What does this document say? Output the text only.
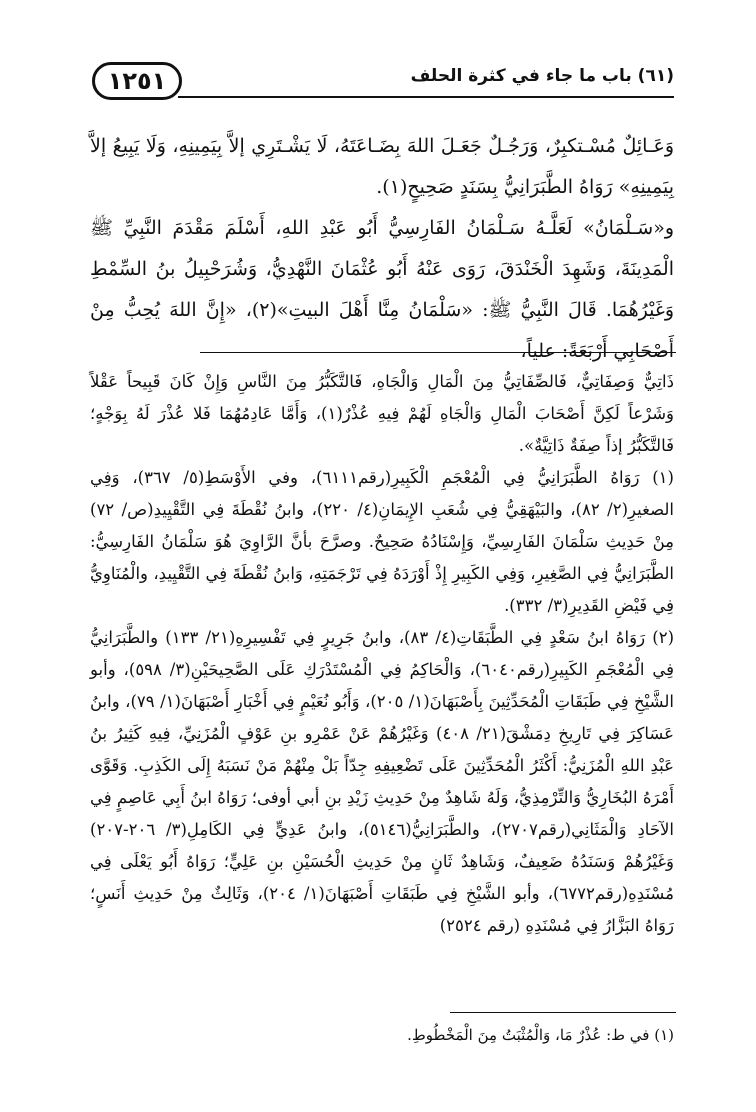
١٢٥١	(٦١) باب ما جاء في كثرة الحلف

وَعَـائِلٌ مُسْـتكبِرٌ، وَرَجُـلٌ جَعَـلَ اللهَ بِضَـاعَتَهُ، لَا يَشْـتَرِي إلاَّ بِيَمِينِهِ، وَلَا يَبِيعُ إلاَّ بِيَمِينِهِ» رَوَاهُ الطَّبَرَانِيُّ بِسَنَدٍ صَحِيحٍ(١).

و«سَـلْمَانُ» لَعَلَّـهُ سَـلْمَانُ الفَارِسِيُّ أَبُو عَبْدِ اللهِ، أَسْلَمَ مَقْدَمَ النَّبِيِّ ﷺ الْمَدِينَةَ، وَشَهِدَ الْخَنْدَقَ، رَوَى عَنْهُ أَبُو عُثْمَانَ النَّهْدِيُّ، وَشُرَحْبِيلُ بنُ السِّمْطِ وَغَيْرُهُمَا. قَالَ النَّبِيُّ ﷺ: «سَلْمَانُ مِنَّا أَهْلَ البيتِ»(٢)، «إِنَّ اللهَ يُحِبُّ مِنْ أَصْحَابِي أَرْبَعَةً: علياً،

ذَاتِيٌّ وَصِفَاتِيٌّ، فَالصِّفَاتِيُّ مِنَ الْمَالِ وَالْجَاهِ، فَالتَّكَبُّرُ مِنَ النَّاسِ وَإِنْ كَانَ قَبِيحاً عَقْلاً وَشَرْعاً لَكِنَّ أَصْحَابَ الْمَالِ وَالْجَاهِ لَهُمْ فِيهِ عُذْرٌ(١)، وَأَمَّا عَادِمُهُمَا فَلا عُذْرَ لَهُ بِوَجْهٍ؛ فَالتَّكَبُّرُ إذاً صِفَةٌ ذَاتِيَّةٌ».

(١) رَوَاهُ الطَّبَرَانِيُّ فِي الْمُعْجَمِ الْكَبِيرِ(رقم٦١١١)، وفي الأَوْسَطِ(٥/ ٣٦٧)، وَفِي الصغيرِ(٢/ ٨٢)، والبَيْهَقِيُّ فِي شُعَبِ الإِيمَانِ(٤/ ٢٢٠)، وابنُ نُقْطَةَ فِي التَّقْيِيدِ(ص/ ٧٢) مِنْ حَدِيثِ سَلْمَانَ الفَارِسِيِّ، وَإِسْنَادُهُ صَحِيحٌ. وصرَّحَ بأنَّ الرَّاوِيَ هُوَ سَلْمَانُ الفَارِسِيُّ: الطَّبَرَانِيُّ فِي الصَّغِيرِ، وَفِي الكَبِيرِ إِذْ أَوْرَدَهُ فِي تَرْجَمَتِهِ، وَابنُ نُقْطَةَ فِي التَّقْيِيدِ، والْمُنَاوِيُّ فِي فَيْضِ القَدِيرِ(٣/ ٣٣٢).

(٢) رَوَاهُ ابنُ سَعْدٍ فِي الطَّبَقَاتِ(٤/ ٨٣)، وابنُ جَرِيرٍ فِي تَفْسِيرِهِ(٢١/ ١٣٣) والطَّبَرَانِيُّ فِي الْمُعْجَمِ الكَبِيرِ(رقم٦٠٤٠)، وَالْحَاكِمُ فِي الْمُسْتَدْرَكِ عَلَى الصَّحِيحَيْنِ(٣/ ٥٩٨)، وأبو الشَّيْخِ فِي طَبَقَاتِ الْمُحَدِّثِينَ بِأَصْبَهَانَ(١/ ٢٠٥)، وَأَبُو نُعَيْمٍ فِي أَخْبَارِ أَصْبَهَانَ(١/ ٧٩)، وابنُ عَسَاكِرَ فِي تَارِيخِ دِمَشْقَ(٢١/ ٤٠٨) وَغَيْرُهُمْ عَنْ عَمْرِو بنِ عَوْفٍ الْمُزَنِيِّ، فِيهِ كَثِيرُ بنُ عَبْدِ اللهِ الْمُزَنِيُّ: أَكْثَرُ الْمُحَدِّثِينَ عَلَى تَضْعِيفِهِ جِدّاً بَلْ مِنْهُمْ مَنْ نَسَبَهُ إِلَى الكَذِبِ. وَقَوَّى أَمْرَهُ البُخَارِيُّ وَالتِّرْمِذِيُّ، وَلَهُ شَاهِدٌ مِنْ حَدِيثِ زَيْدِ بنِ أبي أوفى؛ رَوَاهُ ابنُ أَبِي عَاصِمٍ فِي الآحَادِ وَالْمَثَانِي(رقم٢٧٠٧)، والطَّبَرَانِيُّ(٥١٤٦)، وابنُ عَدِيٍّ فِي الكَامِلِ(٣/ ٢٠٦-٢٠٧) وَغَيْرُهُمْ وَسَنَدُهُ ضَعِيفٌ، وَشَاهِدٌ ثَانٍ مِنْ حَدِيثِ الْحُسَيْنِ بنِ عَلِيٍّ؛ رَوَاهُ أَبُو يَعْلَى فِي مُسْنَدِهِ(رقم٦٧٧٢)، وأبو الشَّيْخِ فِي طَبَقَاتِ أَصْبَهَانَ(١/ ٢٠٤)، وَثَالِثٌ مِنْ حَدِيثِ أَنَسٍ؛ رَوَاهُ البَزَّارُ فِي مُسْنَدِهِ (رقم ٢٥٢٤)

(١) في ط: عُذْرٌ مَا، وَالْمُثْبَتُ مِنَ الْمَخْطُوطِ.
